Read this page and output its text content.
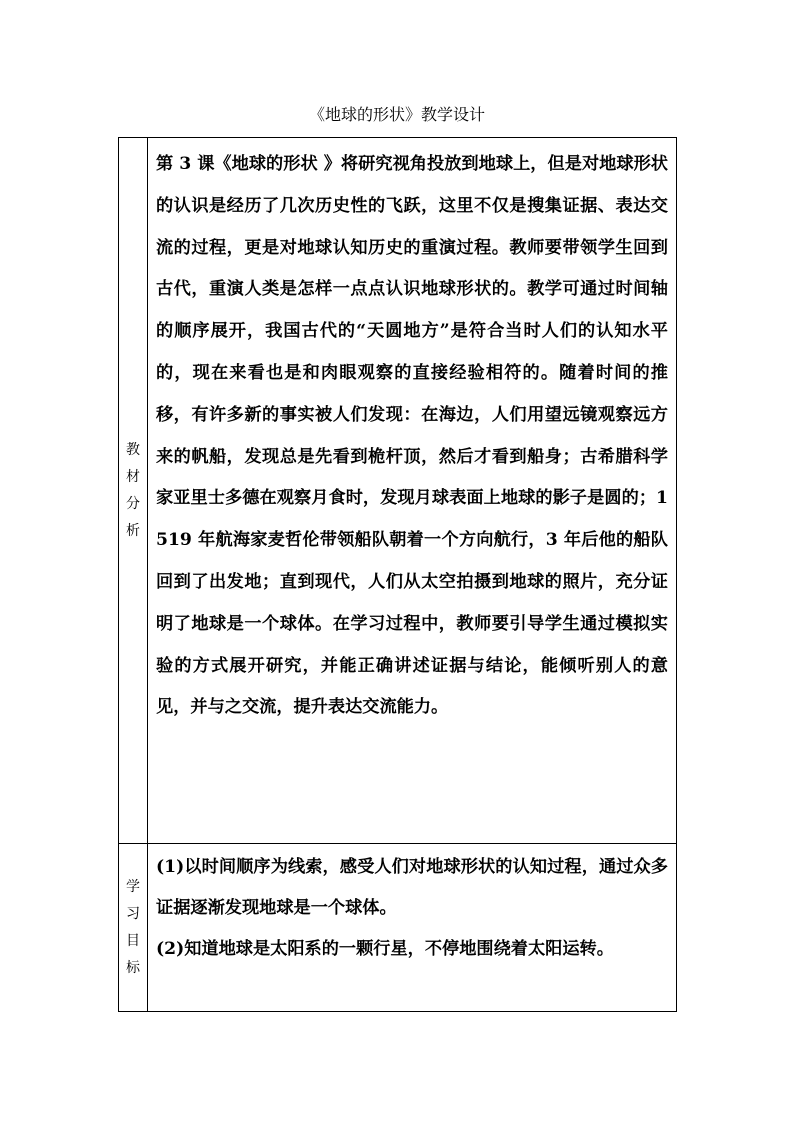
《地球的形状》教学设计
教材分析	第 3 课《地球的形状 》将研究视角投放到地球上，但是对地球形状的认识是经历了几次历史性的飞跃，这里不仅是搜集证据、表达交流的过程，更是对地球认知历史的重演过程。教师要带领学生回到古代，重演人类是怎样一点点认识地球形状的。教学可通过时间轴的顺序展开，我国古代的“天圆地方”是符合当时人们的认知水平的，现在来看也是和肉眼观察的直接经验相符的。随着时间的推移，有许多新的事实被人们发现：在海边，人们用望远镜观察远方来的帆船，发现总是先看到桅杆顶，然后才看到船身；古希腊科学家亚里士多德在观察月食时，发现月球表面上地球的影子是圆的；1519 年航海家麦哲伦带领船队朝着一个方向航行，3 年后他的船队回到了出发地；直到现代，人们从太空拍摄到地球的照片，充分证明了地球是一个球体。在学习过程中，教师要引导学生通过模拟实验的方式展开研究，并能正确讲述证据与结论，能倾听别人的意见，并与之交流，提升表达交流能力。

学习目标	(1)以时间顺序为线索，感受人们对地球形状的认知过程，通过众多证据逐渐发现地球是一个球体。

(2)知道地球是太阳系的一颗行星，不停地围绕着太阳运转。
